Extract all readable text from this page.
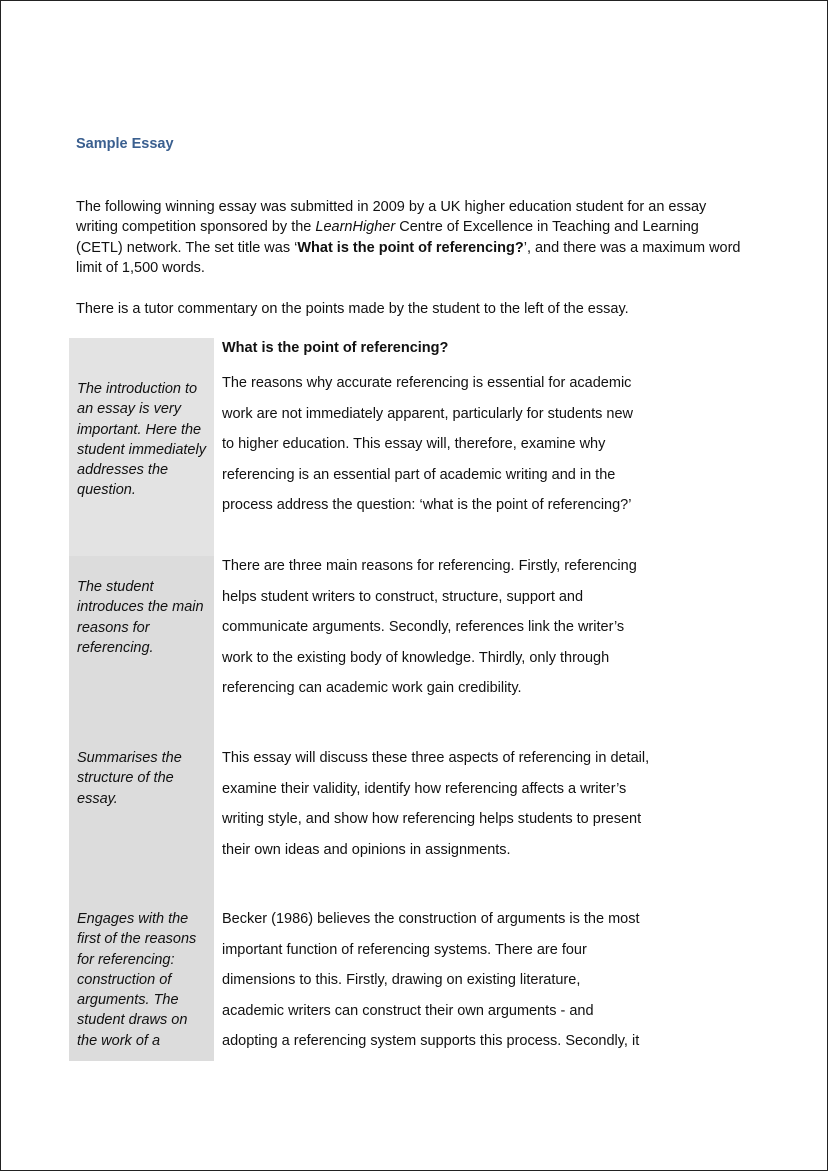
Sample Essay

The following winning essay was submitted in 2009 by a UK higher education student for an essay writing competition sponsored by the LearnHigher Centre of Excellence in Teaching and Learning (CETL) network. The set title was ‘What is the point of referencing?’, and there was a maximum word limit of 1,500 words.

There is a tutor commentary on the points made by the student to the left of the essay.

The introduction to an essay is very important. Here the student immediately addresses the question.
The student introduces the main reasons for referencing.
Summarises the structure of the essay.
Engages with the first of the reasons for referencing: construction of arguments. The student draws on the work of a
What is the point of referencing?
The reasons why accurate referencing is essential for academic
work are not immediately apparent, particularly for students new
to higher education. This essay will, therefore, examine why
referencing is an essential part of academic writing and in the
process address the question: ‘what is the point of referencing?’
There are three main reasons for referencing. Firstly, referencing
helps student writers to construct, structure, support and
communicate arguments. Secondly, references link the writer’s
work to the existing body of knowledge. Thirdly, only through
referencing can academic work gain credibility.
This essay will discuss these three aspects of referencing in detail,
examine their validity, identify how referencing affects a writer’s
writing style, and show how referencing helps students to present
their own ideas and opinions in assignments.
Becker (1986) believes the construction of arguments is the most
important function of referencing systems. There are four
dimensions to this. Firstly, drawing on existing literature,
academic writers can construct their own arguments - and
adopting a referencing system supports this process. Secondly, it
